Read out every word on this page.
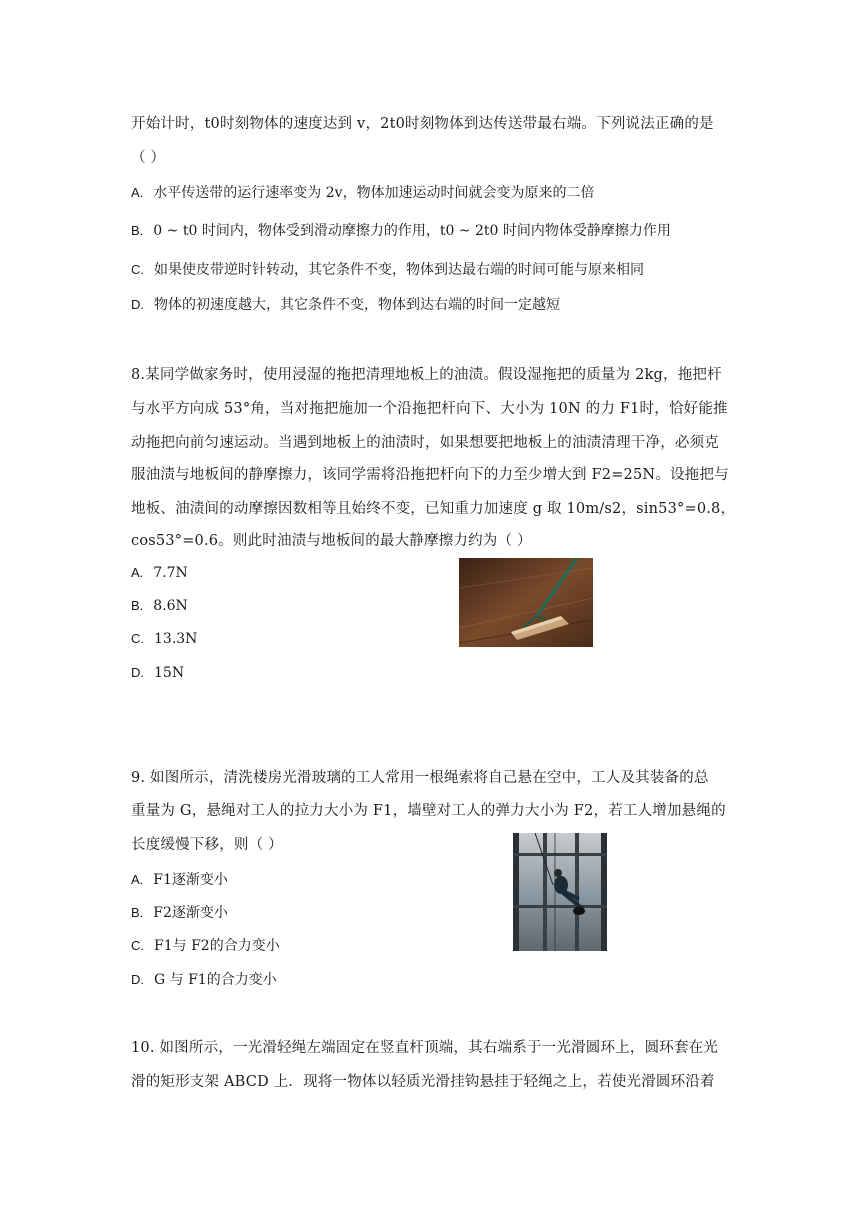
开始计时，t0时刻物体的速度达到 v，2t0时刻物体到达传送带最右端。下列说法正确的是
（ ）
A. 水平传送带的运行速率变为 2v，物体加速运动时间就会变为原来的二倍
B. 0 ~ t0 时间内，物体受到滑动摩擦力的作用，t0 ~ 2t0 时间内物体受静摩擦力作用
C. 如果使皮带逆时针转动，其它条件不变，物体到达最右端的时间可能与原来相同
D. 物体的初速度越大，其它条件不变，物体到达右端的时间一定越短
8.某同学做家务时，使用浸湿的拖把清理地板上的油渍。假设湿拖把的质量为 2kg，拖把杆
与水平方向成 53°角，当对拖把施加一个沿拖把杆向下、大小为 10N 的力 F1时，恰好能推
动拖把向前匀速运动。当遇到地板上的油渍时，如果想要把地板上的油渍清理干净，必须克
服油渍与地板间的静摩擦力，该同学需将沿拖把杆向下的力至少增大到 F2=25N。设拖把与
地板、油渍间的动摩擦因数相等且始终不变，已知重力加速度 g 取 10m/s2，sin53°=0.8，
cos53°=0.6。则此时油渍与地板间的最大静摩擦力约为（ ）
A. 7.7N
B. 8.6N
C. 13.3N
D. 15N
9. 如图所示，清洗楼房光滑玻璃的工人常用一根绳索将自己悬在空中，工人及其装备的总
重量为 G，悬绳对工人的拉力大小为 F1，墙壁对工人的弹力大小为 F2，若工人增加悬绳的
长度缓慢下移，则（ ）
A. F1逐渐变小
B. F2逐渐变小
C. F1与 F2的合力变小
D. G 与 F1的合力变小
10. 如图所示，一光滑轻绳左端固定在竖直杆顶端，其右端系于一光滑圆环上，圆环套在光
滑的矩形支架 ABCD 上．现将一物体以轻质光滑挂钩悬挂于轻绳之上，若使光滑圆环沿着
